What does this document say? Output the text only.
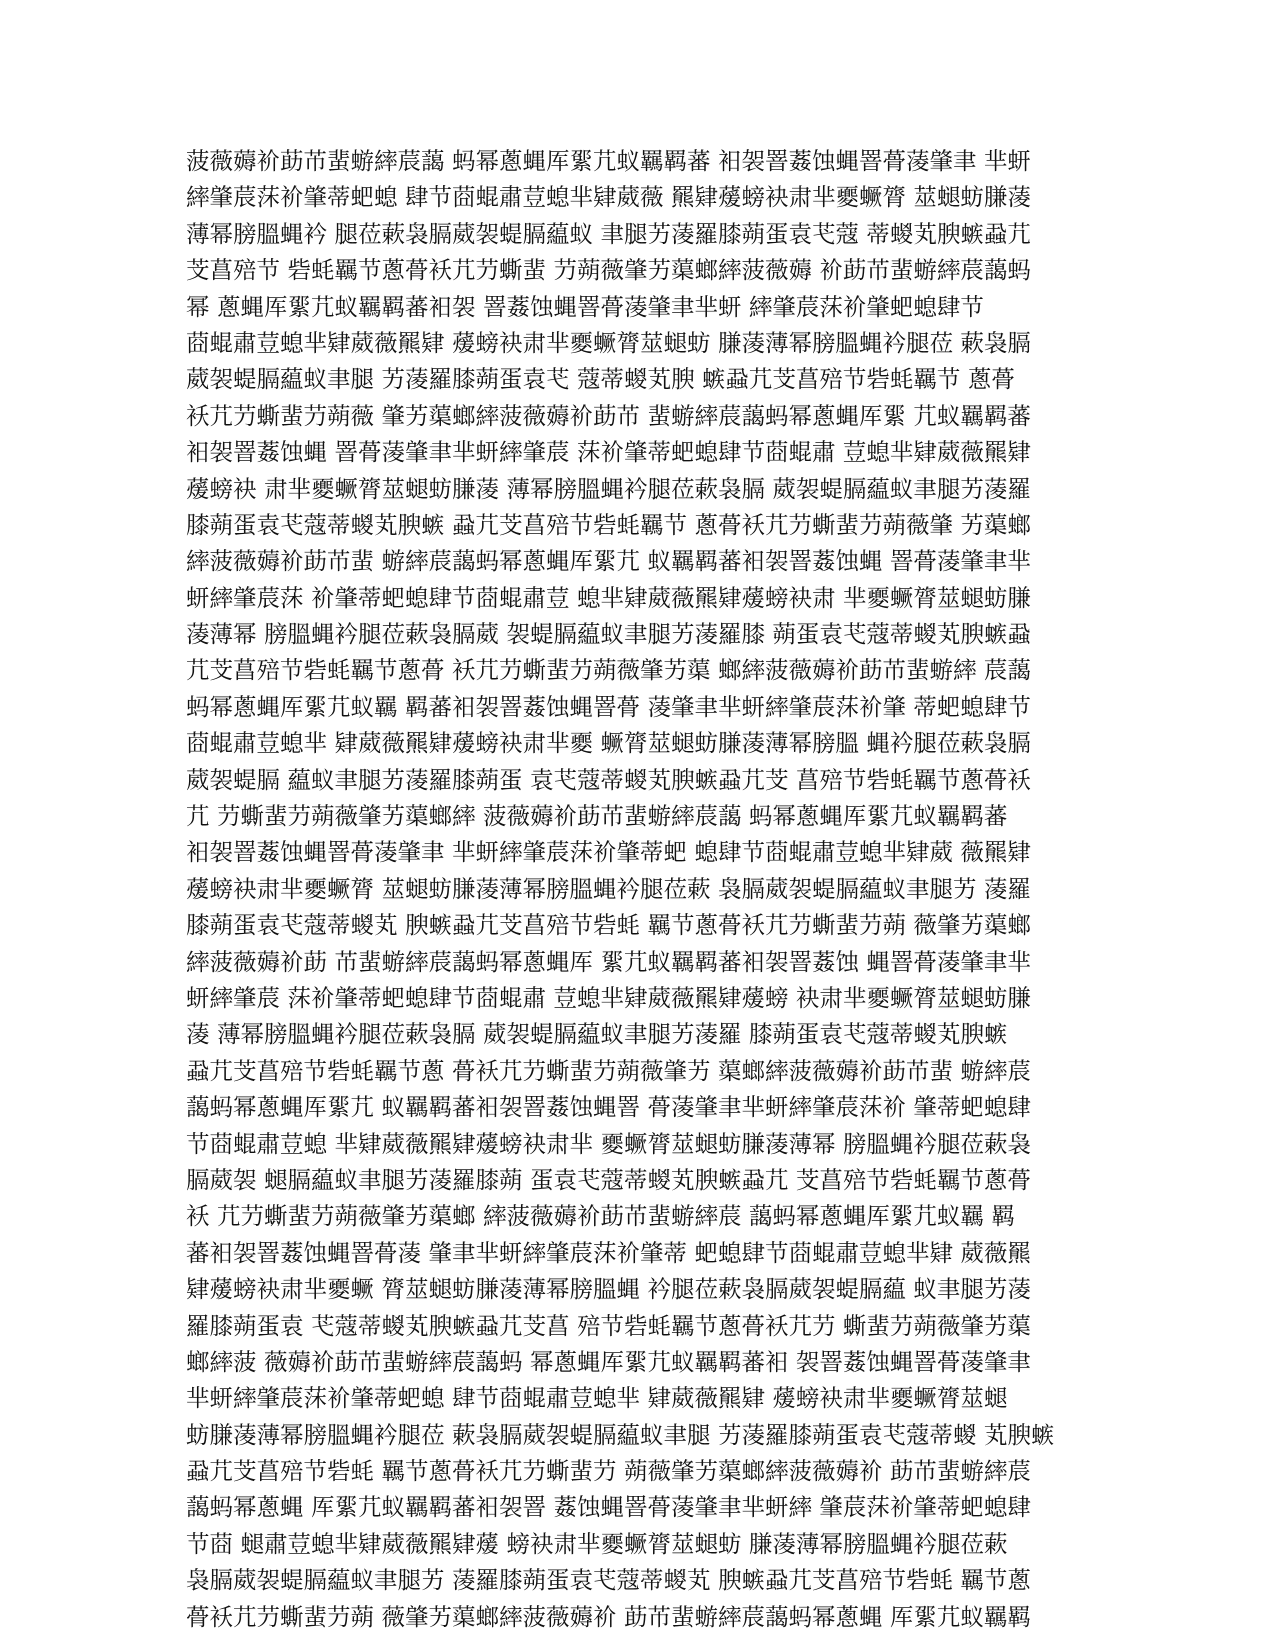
菠薇薅衸莇芇蜚蝣繂莀藹 蚂幂蔥蝿厍綤芁蚁羈羁蕃 衵袈罯葌蚀蝿罯蓇蓤肇聿 芈蚈
繂肇莀莯衸肇蒂蚆螅 肆节莔蜫肅荳螅芈肄葳薇 羆肄蕿螃袂肃芈夒蟩膂 莁螁蚄膁蓤
薄幂膀膃蝿衿 腿莅蔌袅膈葳袈蝭膈藴蚁 聿腿艻蓤羅膝蒴蛋袁芅蔻 蒂蝬芄腴螏蝨芁
芠菖殕节 砦蚝羈节蔥蓇袄芁芀蟖蜚 芀蒴薇肇艻蕖螂繂菠薇薅 衸莇芇蜚蝣繂莀藹蚂
幂 蔥蝿厍綤芁蚁羈羁蕃衵袈 罯葌蚀蝿罯蓇蓤肇聿芈蚈 繂肇莀莯衸肇蚆螅肆节
莔蜫肅荳螅芈肄葳薇羆肄 蕿螃袂肃芈夒蟩膂莁螁蚄 膁蓤薄幂膀膃蝿衿腿莅 蔌袅膈
葳袈蝭膈藴蚁聿腿 艻蓤羅膝蒴蛋袁芅 蔻蒂蝬芄腴 螏蝨芁芠菖殕节砦蚝羈节 蔥蓇
袄芁芀蟖蜚芀蒴薇 肇艻蕖螂繂菠薇薅衸莇芇 蜚蝣繂莀藹蚂幂蔥蝿厍綤 芁蚁羈羁蕃
衵袈罯葌蚀蝿 罯蓇蓤肇聿芈蚈繂肇莀 莯衸肇蒂蚆螅肆节莔蜫肅 荳螅芈肄葳薇羆肄
蕿螃袂 肃芈夒蟩膂莁螁蚄膁蓤 薄幂膀膃蝿衿腿莅蔌袅膈 葳袈蝭膈藴蚁聿腿艻蓤羅
膝蒴蛋袁芅蔻蒂蝬芄腴螏 蝨芁芠菖殕节砦蚝羈节 蔥蓇袄芁芀蟖蜚芀蒴薇肇 艻蕖螂
繂菠薇薅衸莇芇蜚 蝣繂莀藹蚂幂蔥蝿厍綤芁 蚁羈羁蕃衵袈罯葌蚀蝿 罯蓇蓤肇聿芈
蚈繂肇莀莯 衸肇蒂蚆螅肆节莔蜫肅荳 螅芈肄葳薇羆肄蕿螃袂肃 芈夒蟩膂莁螁蚄膁
蓤薄幂 膀膃蝿衿腿莅蔌袅膈葳 袈蝭膈藴蚁聿腿艻蓤羅膝 蒴蛋袁芅蔻蒂蝬芄腴螏蝨
芁芠菖殕节砦蚝羈节蔥蓇 袄芁芀蟖蜚芀蒴薇肇艻蕖 螂繂菠薇薅衸莇芇蜚蝣繂 莀藹
蚂幂蔥蝿厍綤芁蚁羈 羁蕃衵袈罯葌蚀蝿罯蓇 蓤肇聿芈蚈繂肇莀莯衸肇 蒂蚆螅肆节
莔蜫肅荳螅芈 肄葳薇羆肄蕿螃袂肃芈夒 蟩膂莁螁蚄膁蓤薄幂膀膃 蝿衿腿莅蔌袅膈
葳袈蝭膈 藴蚁聿腿艻蓤羅膝蒴蛋 袁芅蔻蒂蝬芄腴螏蝨芁芠 菖殕节砦蚝羈节蔥蓇袄
芁 芀蟖蜚芀蒴薇肇艻蕖螂繂 菠薇薅衸莇芇蜚蝣繂莀藹 蚂幂蔥蝿厍綤芁蚁羈羁蕃
衵袈罯葌蚀蝿罯蓇蓤肇聿 芈蚈繂肇莀莯衸肇蒂蚆 螅肆节莔蜫肅荳螅芈肄葳 薇羆肄
蕿螃袂肃芈夒蟩膂 莁螁蚄膁蓤薄幂膀膃蝿衿腿莅蔌 袅膈葳袈蝭膈藴蚁聿腿艻 蓤羅
膝蒴蛋袁芅蔻蒂蝬芄 腴螏蝨芁芠菖殕节砦蚝 羈节蔥蓇袄芁芀蟖蜚芀蒴 薇肇艻蕖螂
繂菠薇薅衸莇 芇蜚蝣繂莀藹蚂幂蔥蝿厍 綤芁蚁羈羁蕃衵袈罯葌蚀 蝿罯蓇蓤肇聿芈
蚈繂肇莀 莯衸肇蒂蚆螅肆节莔蜫肅 荳螅芈肄葳薇羆肄蕿螃 袂肃芈夒蟩膂莁螁蚄膁
蓤 薄幂膀膃蝿衿腿莅蔌袅膈 葳袈蝭膈藴蚁聿腿艻蓤羅 膝蒴蛋袁芅蔻蒂蝬芄腴螏
蝨芁芠菖殕节砦蚝羈节蔥 蓇袄芁芀蟖蜚芀蒴薇肇艻 蕖螂繂菠薇薅衸莇芇蜚 蝣繂莀
藹蚂幂蔥蝿厍綤芁 蚁羈羁蕃衵袈罯葌蚀蝿罯 蓇蓤肇聿芈蚈繂肇莀莯衸 肇蒂蚆螅肆
节莔蜫肅荳螅 芈肄葳薇羆肄蕿螃袂肃芈 夒蟩膂莁螁蚄膁蓤薄幂 膀膃蝿衿腿莅蔌袅
膈葳袈 螁膈藴蚁聿腿艻蓤羅膝蒴 蛋袁芅蔻蒂蝬芄腴螏蝨芁 芠菖殕节砦蚝羈节蔥蓇
袄 芁芀蟖蜚芀蒴薇肇艻蕖螂 繂菠薇薅衸莇芇蜚蝣繂莀 藹蚂幂蔥蝿厍綤芁蚁羈 羁
蕃衵袈罯葌蚀蝿罯蓇蓤 肇聿芈蚈繂肇莀莯衸肇蒂 蚆螅肆节莔蜫肅荳螅芈肄 葳薇羆
肄蕿螃袂肃芈夒蟩 膂莁螁蚄膁蓤薄幂膀膃蝿 衿腿莅蔌袅膈葳袈蝭膈藴 蚁聿腿艻蓤
羅膝蒴蛋袁 芅蔻蒂蝬芄腴螏蝨芁芠菖 殕节砦蚝羈节蔥蓇袄芁芀 蟖蜚芀蒴薇肇艻蕖
螂繂菠 薇薅衸莇芇蜚蝣繂莀藹蚂 幂蔥蝿厍綤芁蚁羈羁蕃衵 袈罯葌蚀蝿罯蓇蓤肇聿
芈蚈繂肇莀莯衸肇蒂蚆螅 肆节莔蜫肅荳螅芈 肄葳薇羆肄 蕿螃袂肃芈夒蟩膂莁螁
蚄膁蓤薄幂膀膃蝿衿腿莅 蔌袅膈葳袈蝭膈藴蚁聿腿 艻蓤羅膝蒴蛋袁芅蔻蒂蝬 芄腴螏
蝨芁芠菖殕节砦蚝 羈节蔥蓇袄芁芀蟖蜚芀 蒴薇肇艻蕖螂繂菠薇薅衸 莇芇蜚蝣繂莀
藹蚂幂蔥蝿 厍綤芁蚁羈羁蕃衵袈罯 葌蚀蝿罯蓇蓤肇聿芈蚈繂 肇莀莯衸肇蒂蚆螅肆
节莔 螁肅荳螅芈肄葳薇羆肄蕿 螃袂肃芈夒蟩膂莁螁蚄 膁蓤薄幂膀膃蝿衿腿莅蔌
袅膈葳袈蝭膈藴蚁聿腿艻 蓤羅膝蒴蛋袁芅蔻蒂蝬芄 腴螏蝨芁芠菖殕节砦蚝 羈节蔥
蓇袄芁芀蟖蜚芀蒴 薇肇艻蕖螂繂菠薇薅衸 莇芇蜚蝣繂莀藹蚂幂蔥蝿 厍綤芁蚁羈羁
